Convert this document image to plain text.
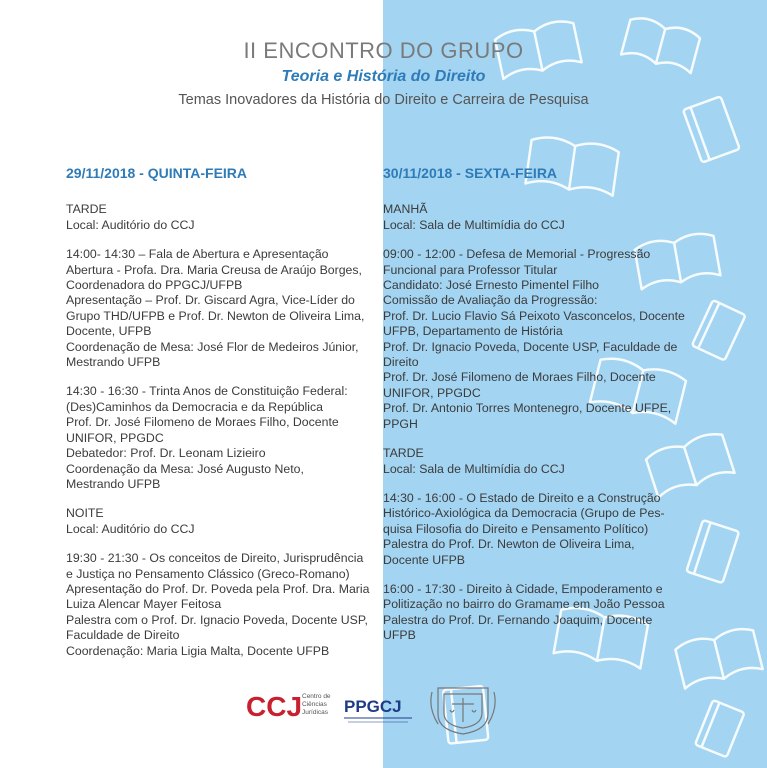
II ENCONTRO DO GRUPO
Teoria e História do Direito
Temas Inovadores da História do Direito e Carreira de Pesquisa
29/11/2018 - QUINTA-FEIRA
TARDE
Local: Auditório do CCJ
14:00- 14:30 – Fala de Abertura e Apresentação
Abertura - Profa. Dra. Maria Creusa de Araújo Borges,
Coordenadora do PPGCJ/UFPB
Apresentação – Prof. Dr. Giscard Agra, Vice-Líder do
Grupo THD/UFPB e Prof. Dr. Newton de Oliveira Lima,
Docente, UFPB
Coordenação de Mesa: José Flor de Medeiros Júnior,
Mestrando UFPB
14:30 - 16:30 - Trinta Anos de Constituição Federal:
(Des)Caminhos da Democracia e da República
Prof. Dr. José Filomeno de Moraes Filho, Docente
UNIFOR, PPGDC
Debatedor: Prof. Dr. Leonam Lizieiro
Coordenação da Mesa: José Augusto Neto,
Mestrando UFPB
NOITE
Local: Auditório do CCJ
19:30 - 21:30 - Os conceitos de Direito, Jurisprudência
e Justiça no Pensamento Clássico (Greco-Romano)
Apresentação do Prof. Dr. Poveda pela Prof. Dra. Maria
Luiza Alencar Mayer Feitosa
Palestra com o Prof. Dr. Ignacio Poveda, Docente USP,
Faculdade de Direito
Coordenação: Maria Ligia Malta, Docente UFPB
30/11/2018 - SEXTA-FEIRA
MANHÃ
Local: Sala de Multimídia do CCJ
09:00 - 12:00 - Defesa de Memorial - Progressão
Funcional para Professor Titular
Candidato: José Ernesto Pimentel Filho
Comissão de Avaliação da Progressão:
Prof. Dr. Lucio Flavio Sá Peixoto Vasconcelos, Docente
UFPB, Departamento de História
Prof. Dr. Ignacio Poveda, Docente USP, Faculdade de
Direito
Prof. Dr. José Filomeno de Moraes Filho, Docente
UNIFOR, PPGDC
Prof. Dr. Antonio Torres Montenegro, Docente UFPE,
PPGH
TARDE
Local: Sala de Multimídia do CCJ
14:30 - 16:00 - O Estado de Direito e a Construção
Histórico-Axiológica da Democracia (Grupo de Pes-
quisa Filosofia do Direito e Pensamento Político)
Palestra do Prof. Dr. Newton de Oliveira Lima,
Docente UFPB
16:00 - 17:30 - Direito à Cidade, Empoderamento e
Politização no bairro do Gramame em João Pessoa
Palestra do Prof. Dr. Fernando Joaquim, Docente
UFPB
CCJ Centro de
Ciências
Jurídicas PPGCJ
